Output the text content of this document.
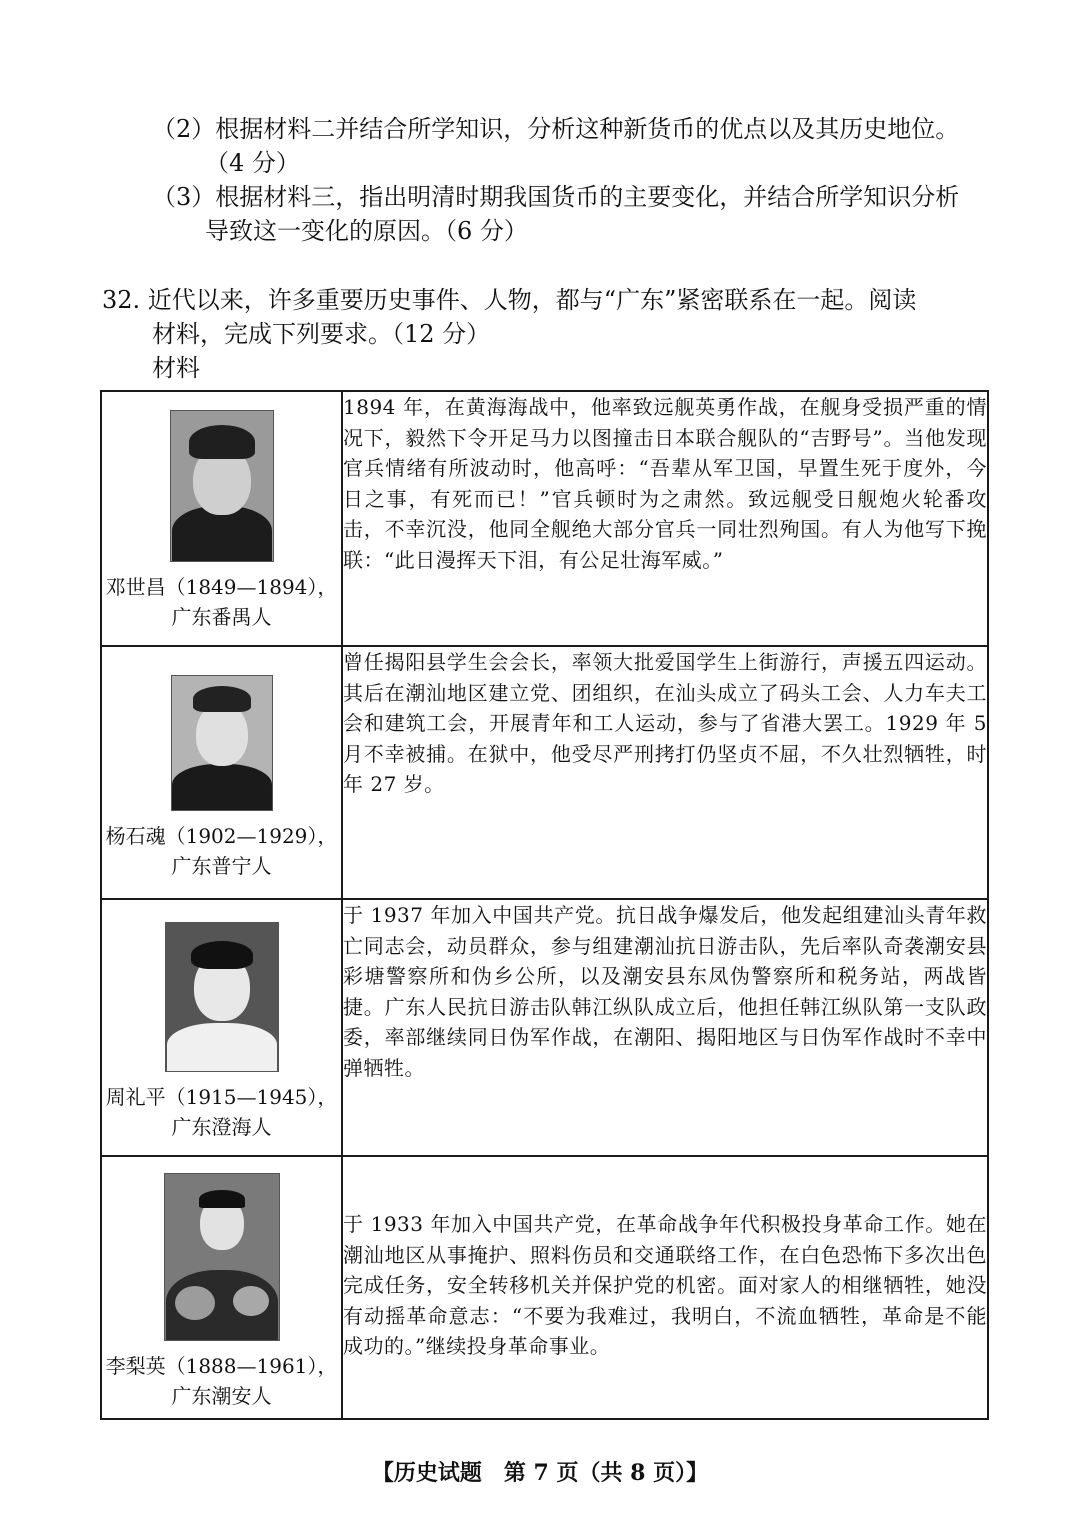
（2）根据材料二并结合所学知识，分析这种新货币的优点以及其历史地位。
（4 分）
（3）根据材料三，指出明清时期我国货币的主要变化，并结合所学知识分析
导致这一变化的原因。（6 分）
32. 近代以来，许多重要历史事件、人物，都与“广东”紧密联系在一起。阅读
材料，完成下列要求。（12 分）
材料
邓世昌（1849—1894），
广东番禺人	1894 年，在黄海海战中，他率致远舰英勇作战，在舰身受损严重的情况下，毅然下令开足马力以图撞击日本联合舰队的“吉野号”。当他发现官兵情绪有所波动时，他高呼：“吾辈从军卫国，早置生死于度外，今日之事，有死而已！”官兵顿时为之肃然。致远舰受日舰炮火轮番攻击，不幸沉没，他同全舰绝大部分官兵一同壮烈殉国。有人为他写下挽联：“此日漫挥天下泪，有公足壮海军威。”

杨石魂（1902—1929），
广东普宁人	曾任揭阳县学生会会长，率领大批爱国学生上街游行，声援五四运动。其后在潮汕地区建立党、团组织，在汕头成立了码头工会、人力车夫工会和建筑工会，开展青年和工人运动，参与了省港大罢工。1929 年 5 月不幸被捕。在狱中，他受尽严刑拷打仍坚贞不屈，不久壮烈牺牲，时年 27 岁。

周礼平（1915—1945），
广东澄海人	于 1937 年加入中国共产党。抗日战争爆发后，他发起组建汕头青年救亡同志会，动员群众，参与组建潮汕抗日游击队，先后率队奇袭潮安县彩塘警察所和伪乡公所，以及潮安县东凤伪警察所和税务站，两战皆捷。广东人民抗日游击队韩江纵队成立后，他担任韩江纵队第一支队政委，率部继续同日伪军作战，在潮阳、揭阳地区与日伪军作战时不幸中弹牺牲。

李梨英（1888—1961），
广东潮安人	于 1933 年加入中国共产党，在革命战争年代积极投身革命工作。她在潮汕地区从事掩护、照料伤员和交通联络工作，在白色恐怖下多次出色完成任务，安全转移机关并保护党的机密。面对家人的相继牺牲，她没有动摇革命意志：“不要为我难过，我明白，不流血牺牲，革命是不能成功的。”继续投身革命事业。
【历史试题　第 7 页（共 8 页）】
